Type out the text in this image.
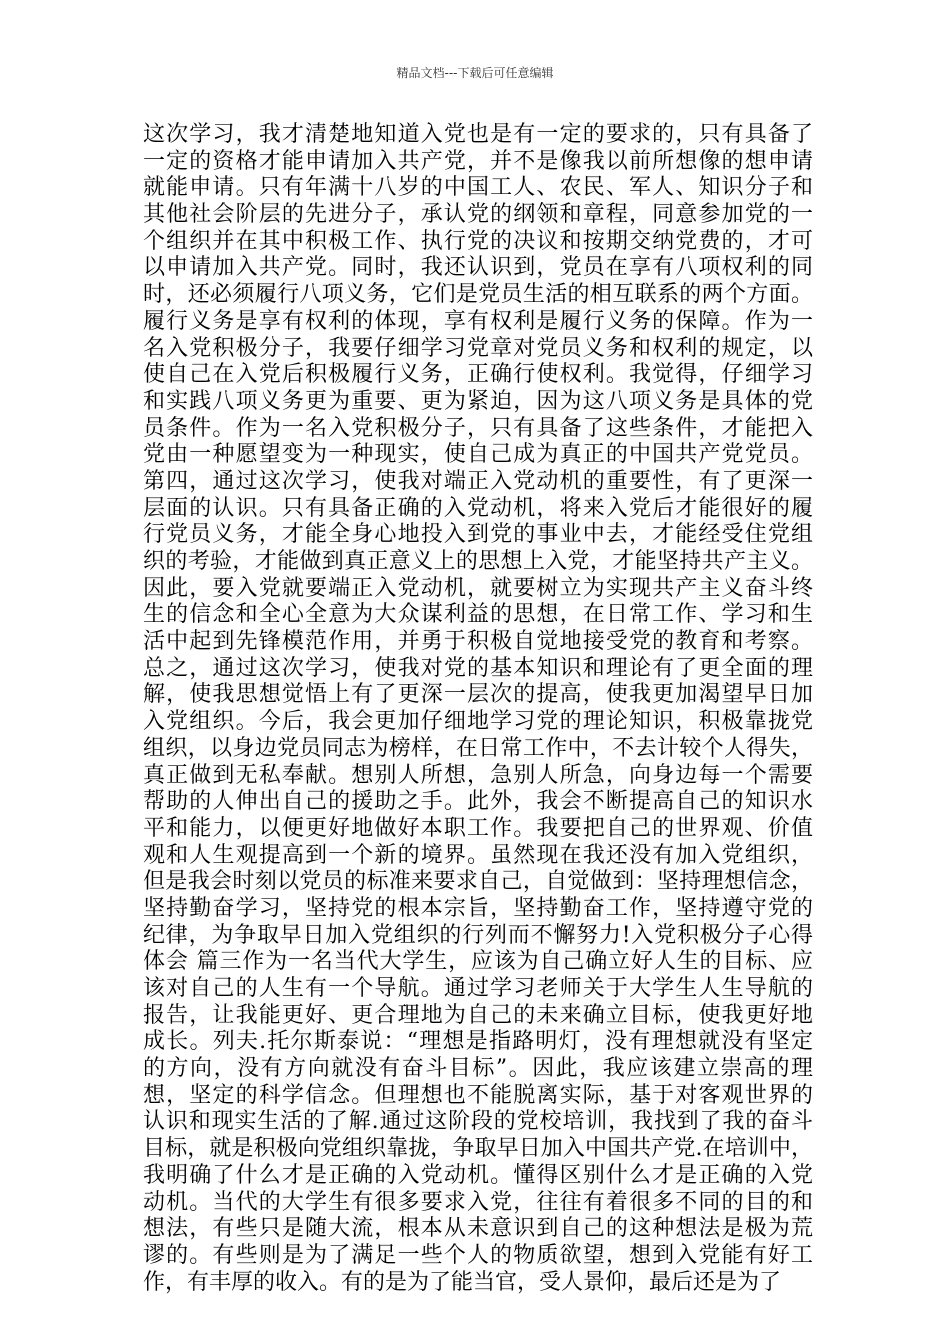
精品文档---下载后可任意编辑
这次学习，我才清楚地知道入党也是有一定的要求的，只有具备了
一定的资格才能申请加入共产党，并不是像我以前所想像的想申请
就能申请。只有年满十八岁的中国工人、农民、军人、知识分子和
其他社会阶层的先进分子，承认党的纲领和章程，同意参加党的一
个组织并在其中积极工作、执行党的决议和按期交纳党费的，才可
以申请加入共产党。同时，我还认识到，党员在享有八项权利的同
时，还必须履行八项义务，它们是党员生活的相互联系的两个方面。
履行义务是享有权利的体现，享有权利是履行义务的保障。作为一
名入党积极分子，我要仔细学习党章对党员义务和权利的规定，以
使自己在入党后积极履行义务，正确行使权利。我觉得，仔细学习
和实践八项义务更为重要、更为紧迫，因为这八项义务是具体的党
员条件。作为一名入党积极分子，只有具备了这些条件，才能把入
党由一种愿望变为一种现实，使自己成为真正的中国共产党党员。
第四，通过这次学习，使我对端正入党动机的重要性，有了更深一
层面的认识。只有具备正确的入党动机，将来入党后才能很好的履
行党员义务，才能全身心地投入到党的事业中去，才能经受住党组
织的考验，才能做到真正意义上的思想上入党，才能坚持共产主义。
因此，要入党就要端正入党动机，就要树立为实现共产主义奋斗终
生的信念和全心全意为大众谋利益的思想，在日常工作、学习和生
活中起到先锋模范作用，并勇于积极自觉地接受党的教育和考察。
总之，通过这次学习，使我对党的基本知识和理论有了更全面的理
解，使我思想觉悟上有了更深一层次的提高，使我更加渴望早日加
入党组织。今后，我会更加仔细地学习党的理论知识，积极靠拢党
组织，以身边党员同志为榜样，在日常工作中，不去计较个人得失，
真正做到无私奉献。想别人所想，急别人所急，向身边每一个需要
帮助的人伸出自己的援助之手。此外，我会不断提高自己的知识水
平和能力，以便更好地做好本职工作。我要把自己的世界观、价值
观和人生观提高到一个新的境界。虽然现在我还没有加入党组织，
但是我会时刻以党员的标准来要求自己，自觉做到：坚持理想信念，
坚持勤奋学习，坚持党的根本宗旨，坚持勤奋工作，坚持遵守党的
纪律，为争取早日加入党组织的行列而不懈努力!入党积极分子心得
体会 篇三作为一名当代大学生，应该为自己确立好人生的目标、应
该对自己的人生有一个导航。通过学习老师关于大学生人生导航的
报告，让我能更好、更合理地为自己的未来确立目标，使我更好地
成长。列夫.托尔斯泰说：“理想是指路明灯，没有理想就没有坚定
的方向，没有方向就没有奋斗目标”。因此，我应该建立崇高的理
想，坚定的科学信念。但理想也不能脱离实际，基于对客观世界的
认识和现实生活的了解.通过这阶段的党校培训，我找到了我的奋斗
目标，就是积极向党组织靠拢，争取早日加入中国共产党.在培训中，
我明确了什么才是正确的入党动机。懂得区别什么才是正确的入党
动机。当代的大学生有很多要求入党，往往有着很多不同的目的和
想法，有些只是随大流，根本从未意识到自己的这种想法是极为荒
谬的。有些则是为了满足一些个人的物质欲望，想到入党能有好工
作，有丰厚的收入。有的是为了能当官，受人景仰，最后还是为了
